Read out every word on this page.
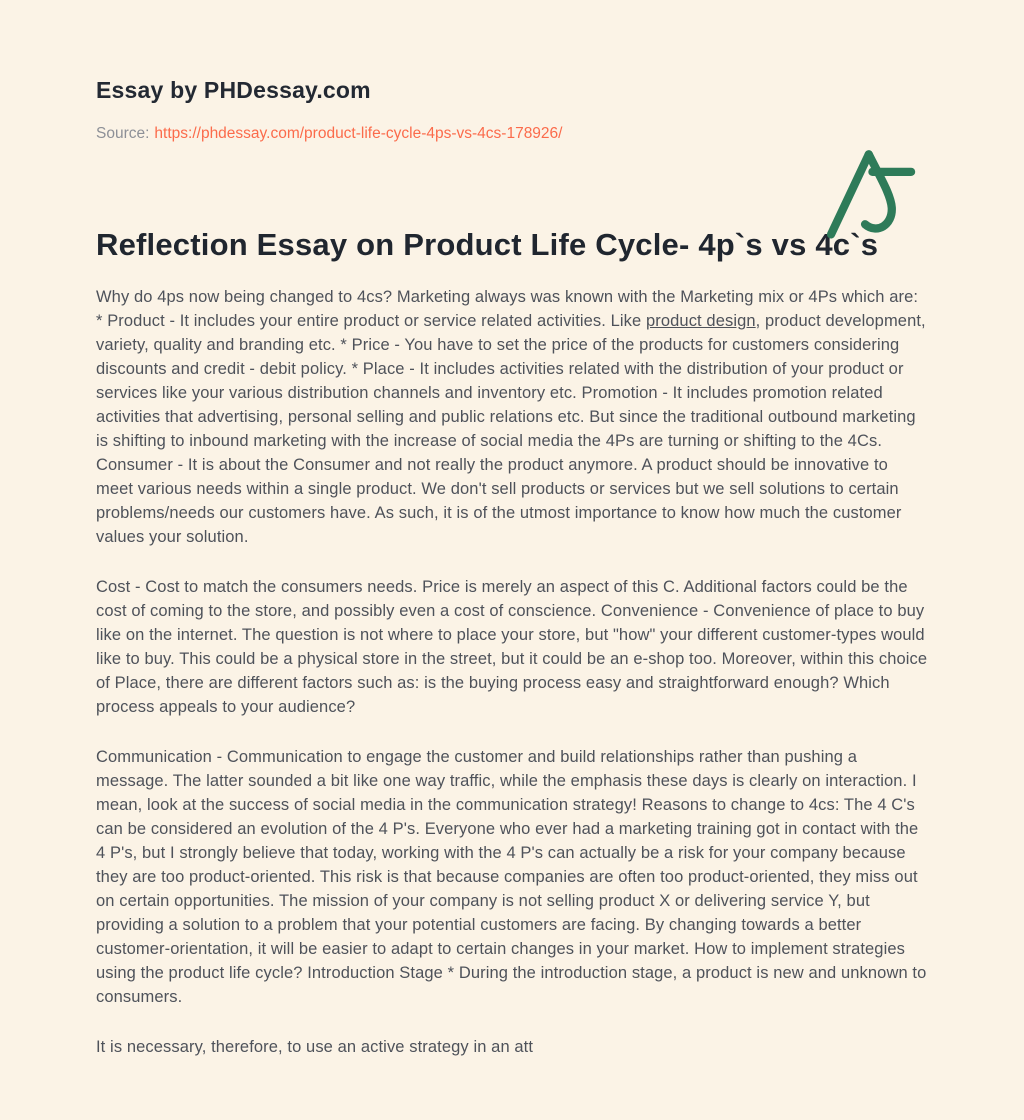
Essay by PHDessay.com
Source: https://phdessay.com/product-life-cycle-4ps-vs-4cs-178926/
Reflection Essay on Product Life Cycle- 4p`s vs 4c`s

Why do 4ps now being changed to 4cs? Marketing always was known with the Marketing mix or 4Ps which are: * Product - It includes your entire product or service related activities. Like product design, product development, variety, quality and branding etc. * Price - You have to set the price of the products for customers considering discounts and credit - debit policy. * Place - It includes activities related with the distribution of your product or services like your various distribution channels and inventory etc. Promotion - It includes promotion related activities that advertising, personal selling and public relations etc. But since the traditional outbound marketing is shifting to inbound marketing with the increase of social media the 4Ps are turning or shifting to the 4Cs. Consumer - It is about the Consumer and not really the product anymore. A product should be innovative to meet various needs within a single product. We don't sell products or services but we sell solutions to certain problems/needs our customers have. As such, it is of the utmost importance to know how much the customer values your solution.

Cost - Cost to match the consumers needs. Price is merely an aspect of this C. Additional factors could be the cost of coming to the store, and possibly even a cost of conscience. Convenience - Convenience of place to buy like on the internet. The question is not where to place your store, but "how" your different customer-types would like to buy. This could be a physical store in the street, but it could be an e-shop too. Moreover, within this choice of Place, there are different factors such as: is the buying process easy and straightforward enough? Which process appeals to your audience?

Communication - Communication to engage the customer and build relationships rather than pushing a message. The latter sounded a bit like one way traffic, while the emphasis these days is clearly on interaction. I mean, look at the success of social media in the communication strategy! Reasons to change to 4cs: The 4 C's can be considered an evolution of the 4 P's. Everyone who ever had a marketing training got in contact with the 4 P's, but I strongly believe that today, working with the 4 P's can actually be a risk for your company because they are too product-oriented. This risk is that because companies are often too product-oriented, they miss out on certain opportunities. The mission of your company is not selling product X or delivering service Y, but providing a solution to a problem that your potential customers are facing. By changing towards a better customer-orientation, it will be easier to adapt to certain changes in your market. How to implement strategies using the product life cycle? Introduction Stage * During the introduction stage, a product is new and unknown to consumers.

It is necessary, therefore, to use an active strategy in an att
